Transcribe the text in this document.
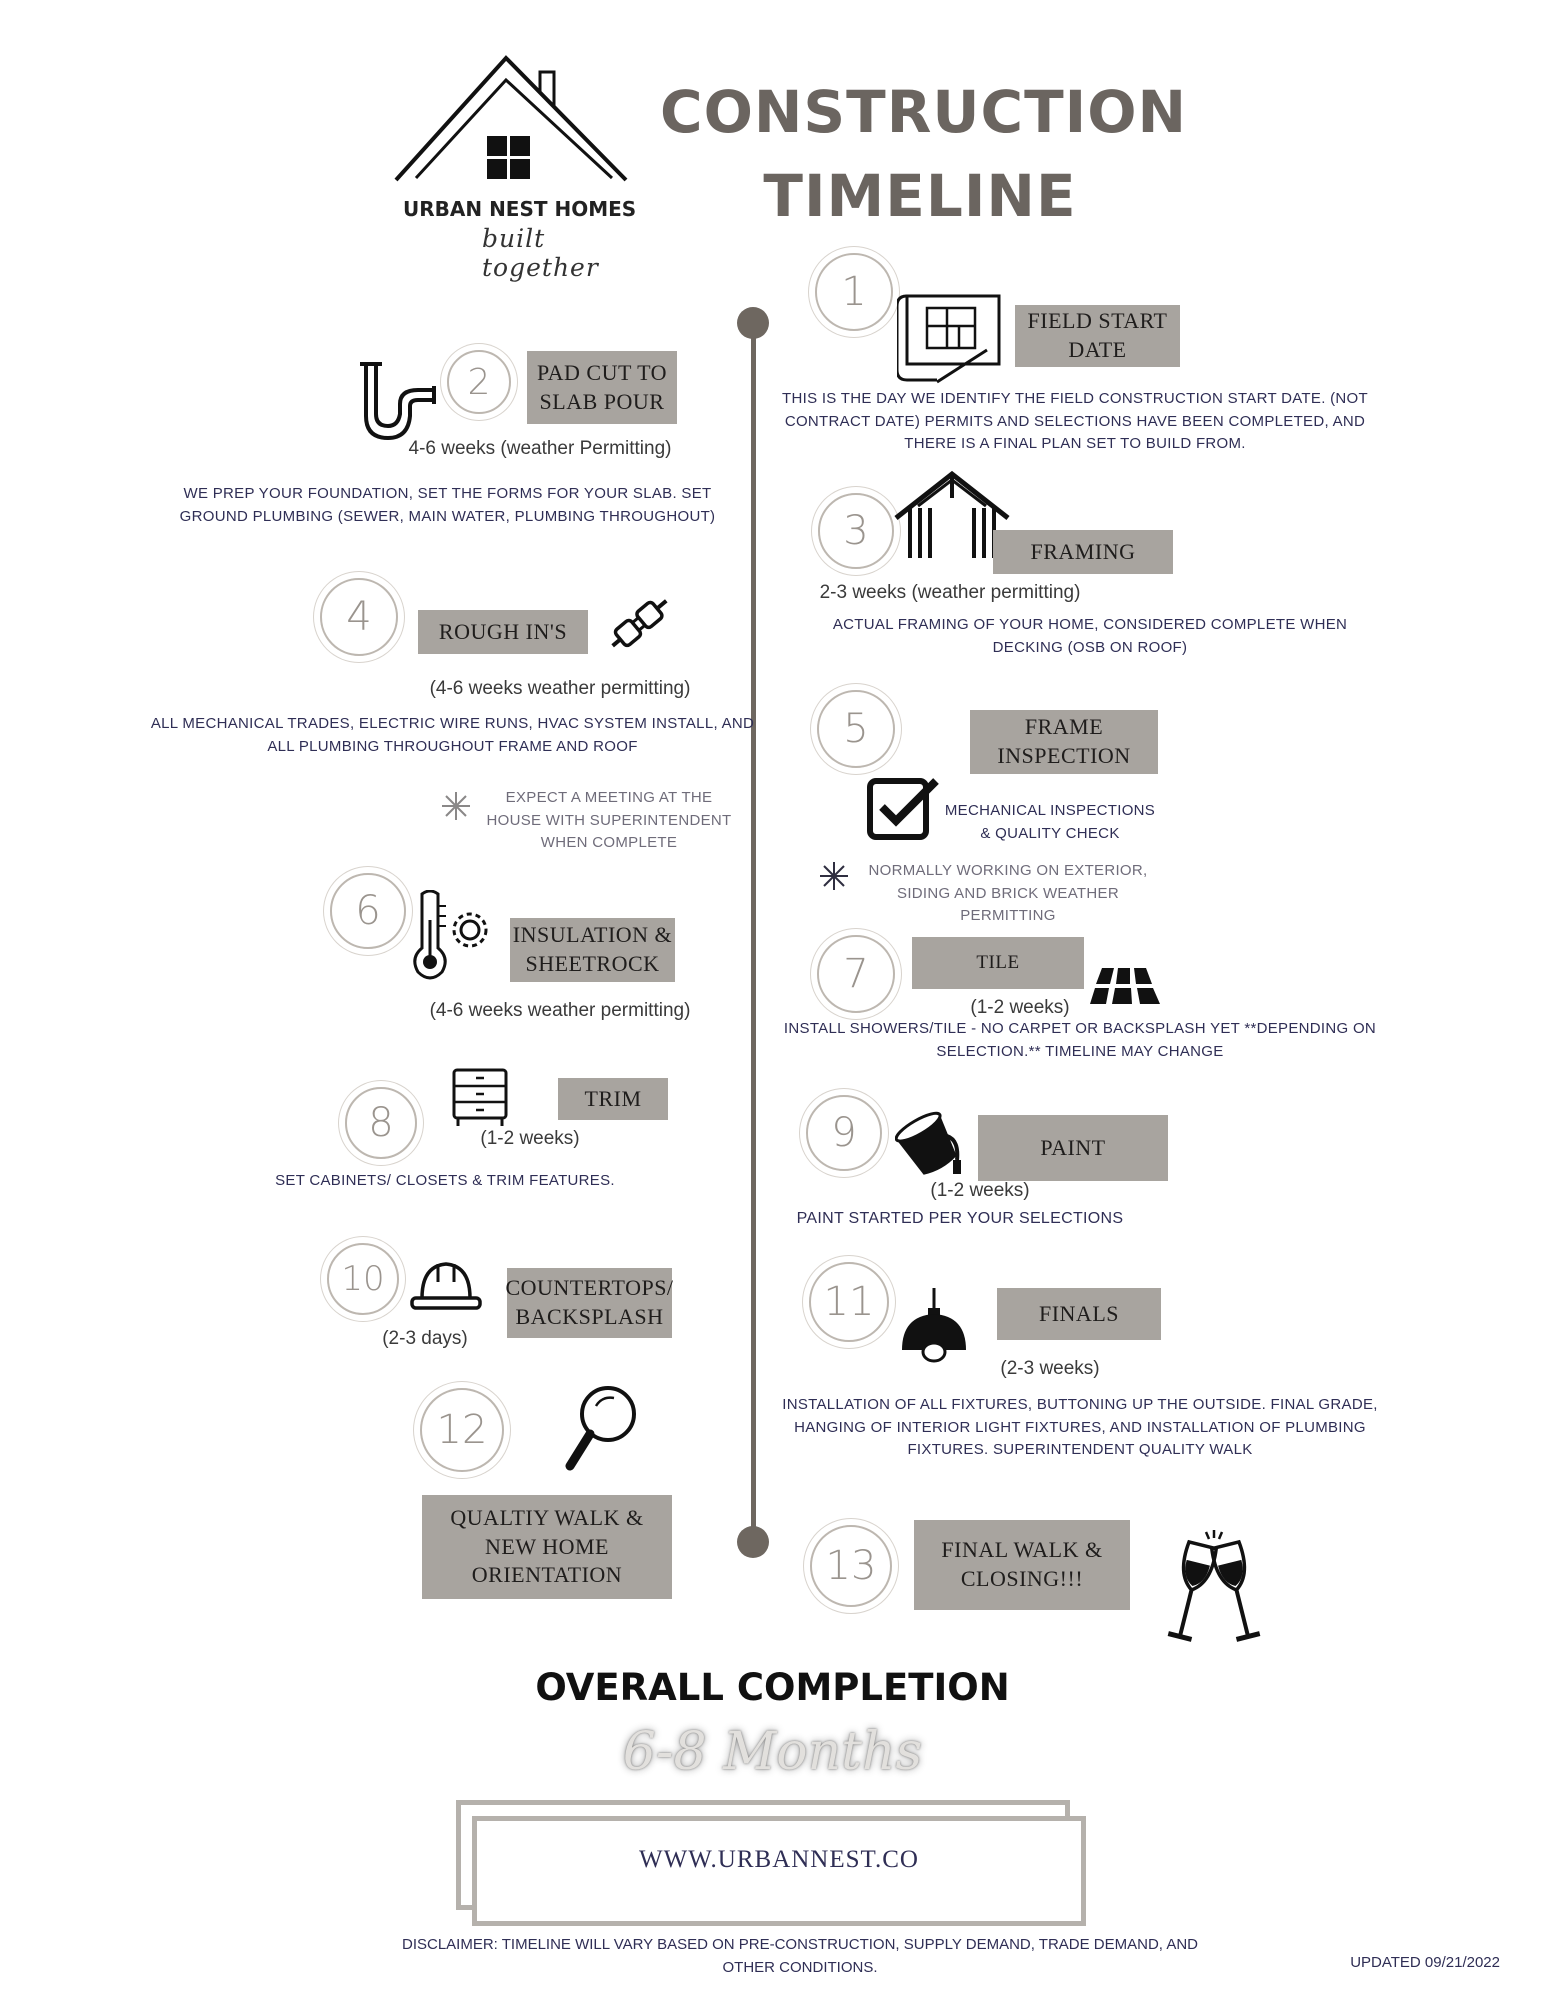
URBAN NEST HOMES
built together
CONSTRUCTION
TIMELINE
1
FIELD START DATE
THIS IS THE DAY WE IDENTIFY THE FIELD CONSTRUCTION START DATE. (NOT CONTRACT DATE) PERMITS AND SELECTIONS HAVE BEEN COMPLETED, AND THERE IS A FINAL PLAN SET TO BUILD FROM.
2	PAD CUT TO SLAB POUR
4-6 weeks (weather Permitting)
WE PREP YOUR FOUNDATION, SET THE FORMS FOR YOUR SLAB. SET GROUND PLUMBING (SEWER, MAIN WATER, PLUMBING THROUGHOUT)	3	FRAMING
2-3 weeks (weather permitting)
ACTUAL FRAMING OF YOUR HOME, CONSIDERED COMPLETE WHEN DECKING (OSB ON ROOF)
4	ROUGH IN'S
(4-6 weeks weather permitting)
ALL MECHANICAL TRADES, ELECTRIC WIRE RUNS, HVAC SYSTEM INSTALL, AND ALL PLUMBING THROUGHOUT FRAME AND ROOF
EXPECT A MEETING AT THE HOUSE WITH SUPERINTENDENT WHEN COMPLETE
5	FRAME INSPECTION
MECHANICAL INSPECTIONS & QUALITY CHECK
NORMALLY WORKING ON EXTERIOR, SIDING AND BRICK WEATHER PERMITTING
6
INSULATION & SHEETROCK
(4-6 weeks weather permitting)
7	TILE
(1-2 weeks)
INSTALL SHOWERS/TILE - NO CARPET OR BACKSPLASH YET **DEPENDING ON SELECTION.** TIMELINE MAY CHANGE
8
TRIM
(1-2 weeks)
SET CABINETS/ CLOSETS & TRIM FEATURES.
9	PAINT
(1-2 weeks)
PAINT STARTED PER YOUR SELECTIONS
10	COUNTERTOPS/ BACKSPLASH
(2-3 days)
11	FINALS
(2-3 weeks)
INSTALLATION OF ALL FIXTURES, BUTTONING UP THE OUTSIDE. FINAL GRADE, HANGING OF INTERIOR LIGHT FIXTURES, AND INSTALLATION OF PLUMBING FIXTURES. SUPERINTENDENT QUALITY WALK
12
QUALTIY WALK & NEW HOME ORIENTATION	13	FINAL WALK & CLOSING!!!
OVERALL COMPLETION
6-8 Months
WWW.URBANNEST.CO
DISCLAIMER: TIMELINE WILL VARY BASED ON PRE-CONSTRUCTION, SUPPLY DEMAND, TRADE DEMAND, AND OTHER CONDITIONS.	UPDATED 09/21/2022
